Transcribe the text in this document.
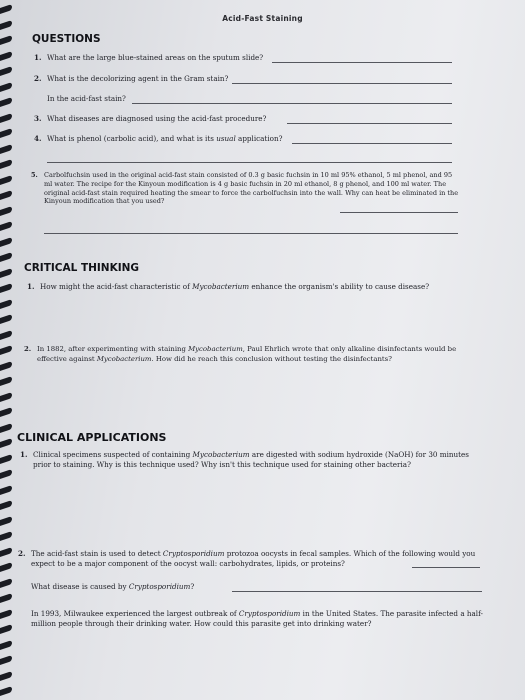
Acid-Fast Staining
QUESTIONS
1. What are the large blue-stained areas on the sputum slide?
2. What is the decolorizing agent in the Gram stain?
In the acid-fast stain?
3. What diseases are diagnosed using the acid-fast procedure?
4. What is phenol (carbolic acid), and what is its usual application?
5. Carbolfuchsin used in the original acid-fast stain consisted of 0.3 g basic fuchsin in 10 ml 95% ethanol, 5 ml phenol, and 95 ml water. The recipe for the Kinyoun modification is 4 g basic fuchsin in 20 ml ethanol, 8 g phenol, and 100 ml water. The original acid-fast stain required heating the smear to force the carbolfuchsin into the wall. Why can heat be eliminated in the Kinyoun modification that you used?
CRITICAL THINKING
1. How might the acid-fast characteristic of Mycobacterium enhance the organism's ability to cause disease?
2. In 1882, after experimenting with staining Mycobacterium, Paul Ehrlich wrote that only alkaline disinfectants would be effective against Mycobacterium. How did he reach this conclusion without testing the disinfectants?
CLINICAL APPLICATIONS
1. Clinical specimens suspected of containing Mycobacterium are digested with sodium hydroxide (NaOH) for 30 minutes prior to staining. Why is this technique used? Why isn't this technique used for staining other bacteria?
2. The acid-fast stain is used to detect Cryptosporidium protozoa oocysts in fecal samples. Which of the following would you expect to be a major component of the oocyst wall: carbohydrates, lipids, or proteins?
What disease is caused by Cryptosporidium?
In 1993, Milwaukee experienced the largest outbreak of Cryptosporidium in the United States. The parasite infected a half-million people through their drinking water. How could this parasite get into drinking water?
